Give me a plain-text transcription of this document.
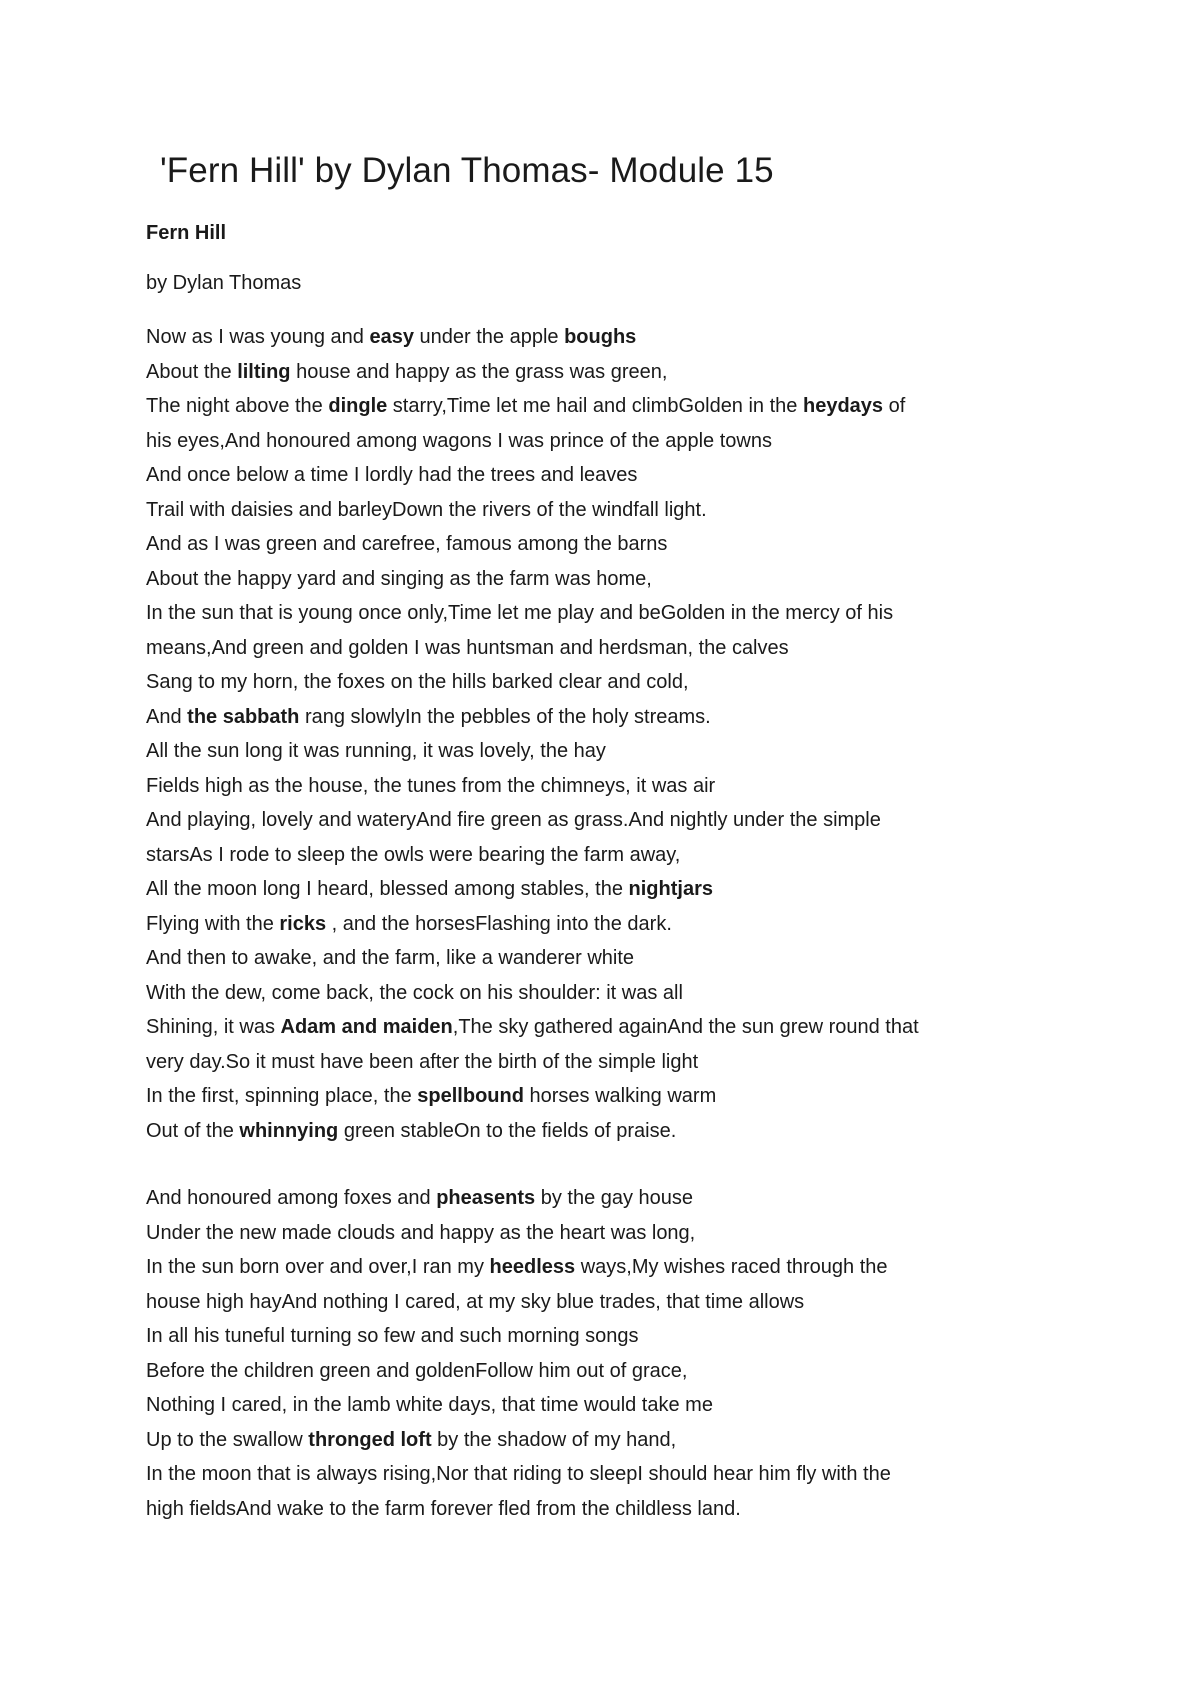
'Fern Hill' by Dylan Thomas- Module 15
Fern Hill

by Dylan Thomas

Now as I was young and easy under the apple boughs
About the lilting house and happy as the grass was green,
The night above the dingle starry,Time let me hail and climbGolden in the heydays of
his eyes,And honoured among wagons I was prince of the apple towns
And once below a time I lordly had the trees and leaves
Trail with daisies and barleyDown the rivers of the windfall light.
And as I was green and carefree, famous among the barns
About the happy yard and singing as the farm was home,
In the sun that is young once only,Time let me play and beGolden in the mercy of his
means,And green and golden I was huntsman and herdsman, the calves
Sang to my horn, the foxes on the hills barked clear and cold,
And the sabbath rang slowlyIn the pebbles of the holy streams.
All the sun long it was running, it was lovely, the hay
Fields high as the house, the tunes from the chimneys, it was air
And playing, lovely and wateryAnd fire green as grass.And nightly under the simple
starsAs I rode to sleep the owls were bearing the farm away,
All the moon long I heard, blessed among stables, the nightjars
Flying with the ricks , and the horsesFlashing into the dark.
And then to awake, and the farm, like a wanderer white
With the dew, come back, the cock on his shoulder: it was all
Shining, it was Adam and maiden,The sky gathered againAnd the sun grew round that
very day.So it must have been after the birth of the simple light
In the first, spinning place, the spellbound horses walking warm
Out of the whinnying green stableOn to the fields of praise.
And honoured among foxes and pheasents by the gay house
Under the new made clouds and happy as the heart was long,
In the sun born over and over,I ran my heedless ways,My wishes raced through the
house high hayAnd nothing I cared, at my sky blue trades, that time allows
In all his tuneful turning so few and such morning songs
Before the children green and goldenFollow him out of grace,
Nothing I cared, in the lamb white days, that time would take me
Up to the swallow thronged loft by the shadow of my hand,
In the moon that is always rising,Nor that riding to sleepI should hear him fly with the
high fieldsAnd wake to the farm forever fled from the childless land.
